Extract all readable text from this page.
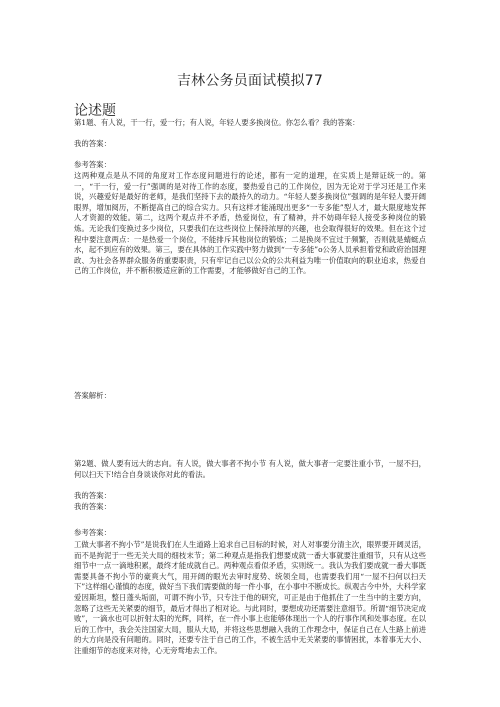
吉林公务员面试模拟77
论述题
第1题、有人说，干一行，爱一行；有人说，年轻人要多换岗位。你怎么看？我的答案：
我的答案：
参考答案：
这两种观点是从不同的角度对工作态度问题进行的论述，都有一定的道理，在实质上是辩证统一的。第一，“干一行，爱一行”强调的是对待工作的态度，要热爱自己的工作岗位，因为无论对于学习还是工作来说，兴趣爱好是最好的老师，是我们坚持下去的最持久的动力。“年轻人要多换岗位”强调的是年轻人要开阔眼界，增加阅历，不断提高自己的综合实力。只有这样才能涌现出更多“一专多能”型人才，最大限度地发挥人才资源的效能。第二，这两个观点并不矛盾，热爱岗位，有了精神，并不妨碍年轻人接受多种岗位的锻炼。无论我们变换过多少岗位，只要我们在这些岗位上保持浓厚的兴趣，也会取得很好的效果。但在这个过程中要注意两点：一是热爱一个岗位，不能排斥其他岗位的锻炼；二是换岗不宜过于频繁，否则就是蜻蜓点水，起不到应有的效果。第三，要在具体的工作实践中努力做到“一专多能”o公务人员承担着党和政府治国理政、为社会各界群众服务的重要职责，只有牢记自己以公众的公共利益为唯一价值取向的职业追求，热爱自己的工作岗位，并不断积极适应新的工作需要，才能够做好自己的工作。
答案解析：
第2题、做人要有远大的志向。有人说，做大事者不拘小节 有人说，做大事者一定要注重小节，一屋不扫，何以扫天下!结合自身谈谈你对此的看法。
我的答案：
我的答案：
参考答案：
工做大事者不拘小节”是说我们在人生道路上追求自己目标的时候，对人对事要分清主次，眼界要开阔灵活，而不是拘泥于一些无关大局的细枝末节；第二种观点是指我们想要成就一番大事就要注重细节，只有从这些细节中一点一滴地积累，最终才能成就自己。两种观点看似矛盾，实则统一。我认为我们要成就一番大事既需要具备不拘小节的豪爽大气，用开阔的眼光去审时度势、统领全局，也需要我们用“一屋不扫何以扫天下”这样细心谨慎的态度，做好当下我们需要做的每一件小事，在小事中不断成长。纵观古今中外，大科学家爱因斯坦，整日蓬头垢面，可谓不拘小节，只专注于他的研究，可正是由于他抓住了一生当中的主要方向，忽略了这些无关紧要的细节，最后才得出了相对论。与此同时，要想成功还需要注意细节。所谓“细节决定成败”，一滴水也可以折射太阳的光辉，同样，在一件小事上也能够体现出一个人的行事作风和处事态度。在以后的工作中，我会关注国家大局，服从大局，并将这些思想融入我的工作理念中，保证自己在人生路上前进的大方向是没有问题的。同时，还要专注于自己的工作，不被生活中无关紧要的事情困扰，本着事无大小、注重细节的态度来对待，心无旁骛地去工作。
